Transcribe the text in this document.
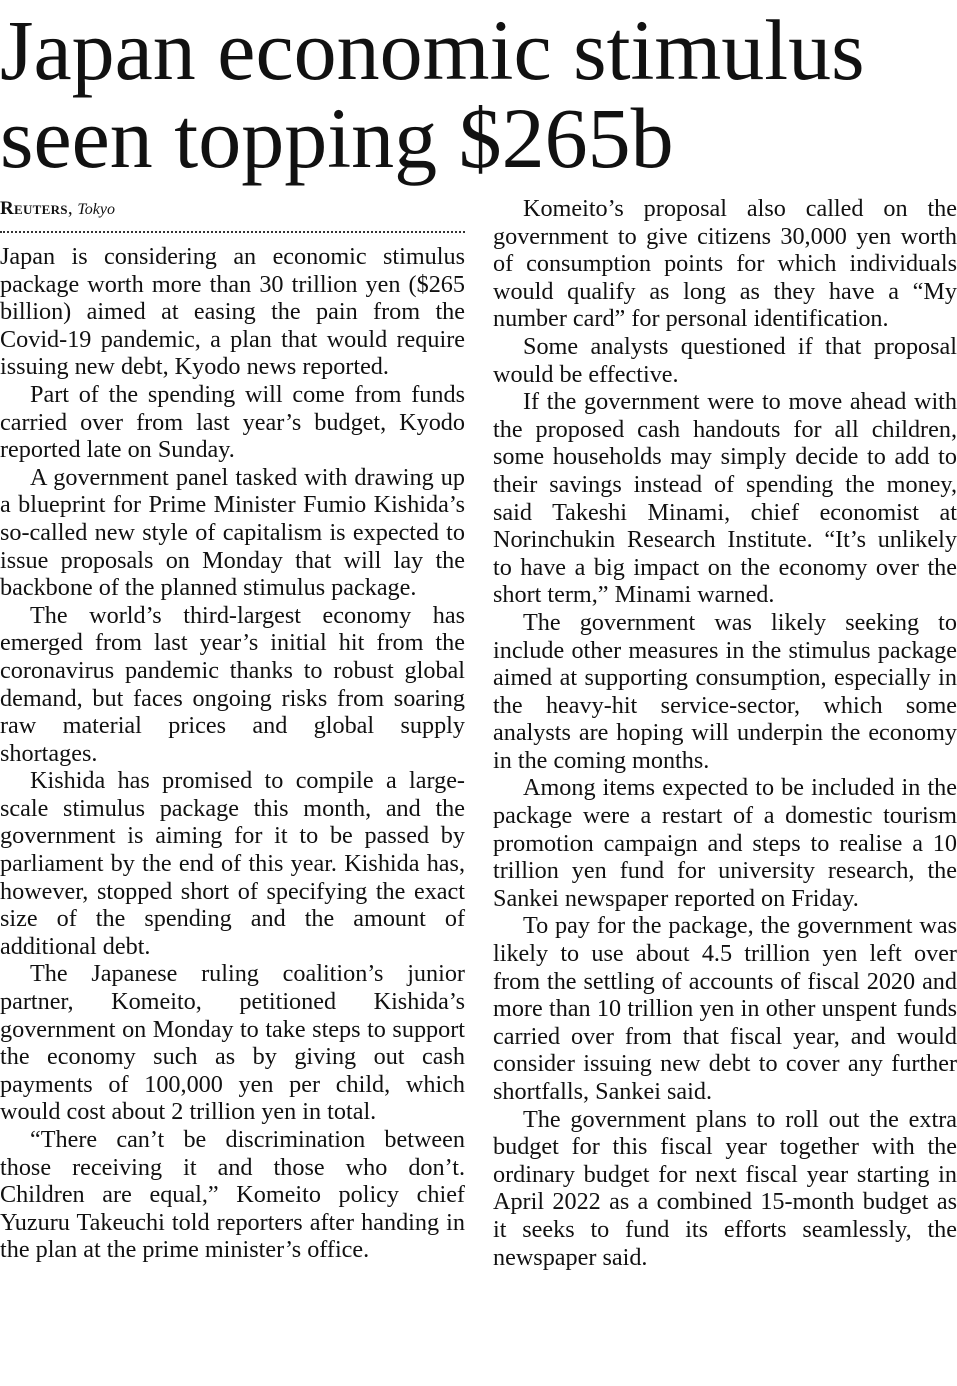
Japan economic stimulus
seen topping $265b
Reuters, Tokyo

Japan is considering an economic stimulus package worth more than 30 trillion yen ($265 billion) aimed at easing the pain from the Covid-19 pandemic, a plan that would require issuing new debt, Kyodo news reported.

Part of the spending will come from funds carried over from last year’s budget, Kyodo reported late on Sunday.

A government panel tasked with drawing up a blueprint for Prime Minister Fumio Kishida’s so-called new style of capitalism is expected to issue proposals on Monday that will lay the backbone of the planned stimulus package.

The world’s third-largest economy has emerged from last year’s initial hit from the coronavirus pandemic thanks to robust global demand, but faces ongoing risks from soaring raw material prices and global supply shortages.

Kishida has promised to compile a large-scale stimulus package this month, and the government is aiming for it to be passed by parliament by the end of this year. Kishida has, however, stopped short of specifying the exact size of the spending and the amount of additional debt.

The Japanese ruling coalition’s junior partner, Komeito, petitioned Kishida’s government on Monday to take steps to support the economy such as by giving out cash payments of 100,000 yen per child, which would cost about 2 trillion yen in total.

“There can’t be discrimination between those receiving it and those who don’t. Children are equal,” Komeito policy chief Yuzuru Takeuchi told reporters after handing in the plan at the prime minister’s office.

Komeito’s proposal also called on the government to give citizens 30,000 yen worth of consumption points for which individuals would qualify as long as they have a “My number card” for personal identification.

Some analysts questioned if that proposal would be effective.

If the government were to move ahead with the proposed cash handouts for all children, some households may simply decide to add to their savings instead of spending the money, said Takeshi Minami, chief economist at Norinchukin Research Institute. “It’s unlikely to have a big impact on the economy over the short term,” Minami warned.

The government was likely seeking to include other measures in the stimulus package aimed at supporting consumption, especially in the heavy-hit service-sector, which some analysts are hoping will underpin the economy in the coming months.

Among items expected to be included in the package were a restart of a domestic tourism promotion campaign and steps to realise a 10 trillion yen fund for university research, the Sankei newspaper reported on Friday.

To pay for the package, the government was likely to use about 4.5 trillion yen left over from the settling of accounts of fiscal 2020 and more than 10 trillion yen in other unspent funds carried over from that fiscal year, and would consider issuing new debt to cover any further shortfalls, Sankei said.

The government plans to roll out the extra budget for this fiscal year together with the ordinary budget for next fiscal year starting in April 2022 as a combined 15-month budget as it seeks to fund its efforts seamlessly, the newspaper said.
